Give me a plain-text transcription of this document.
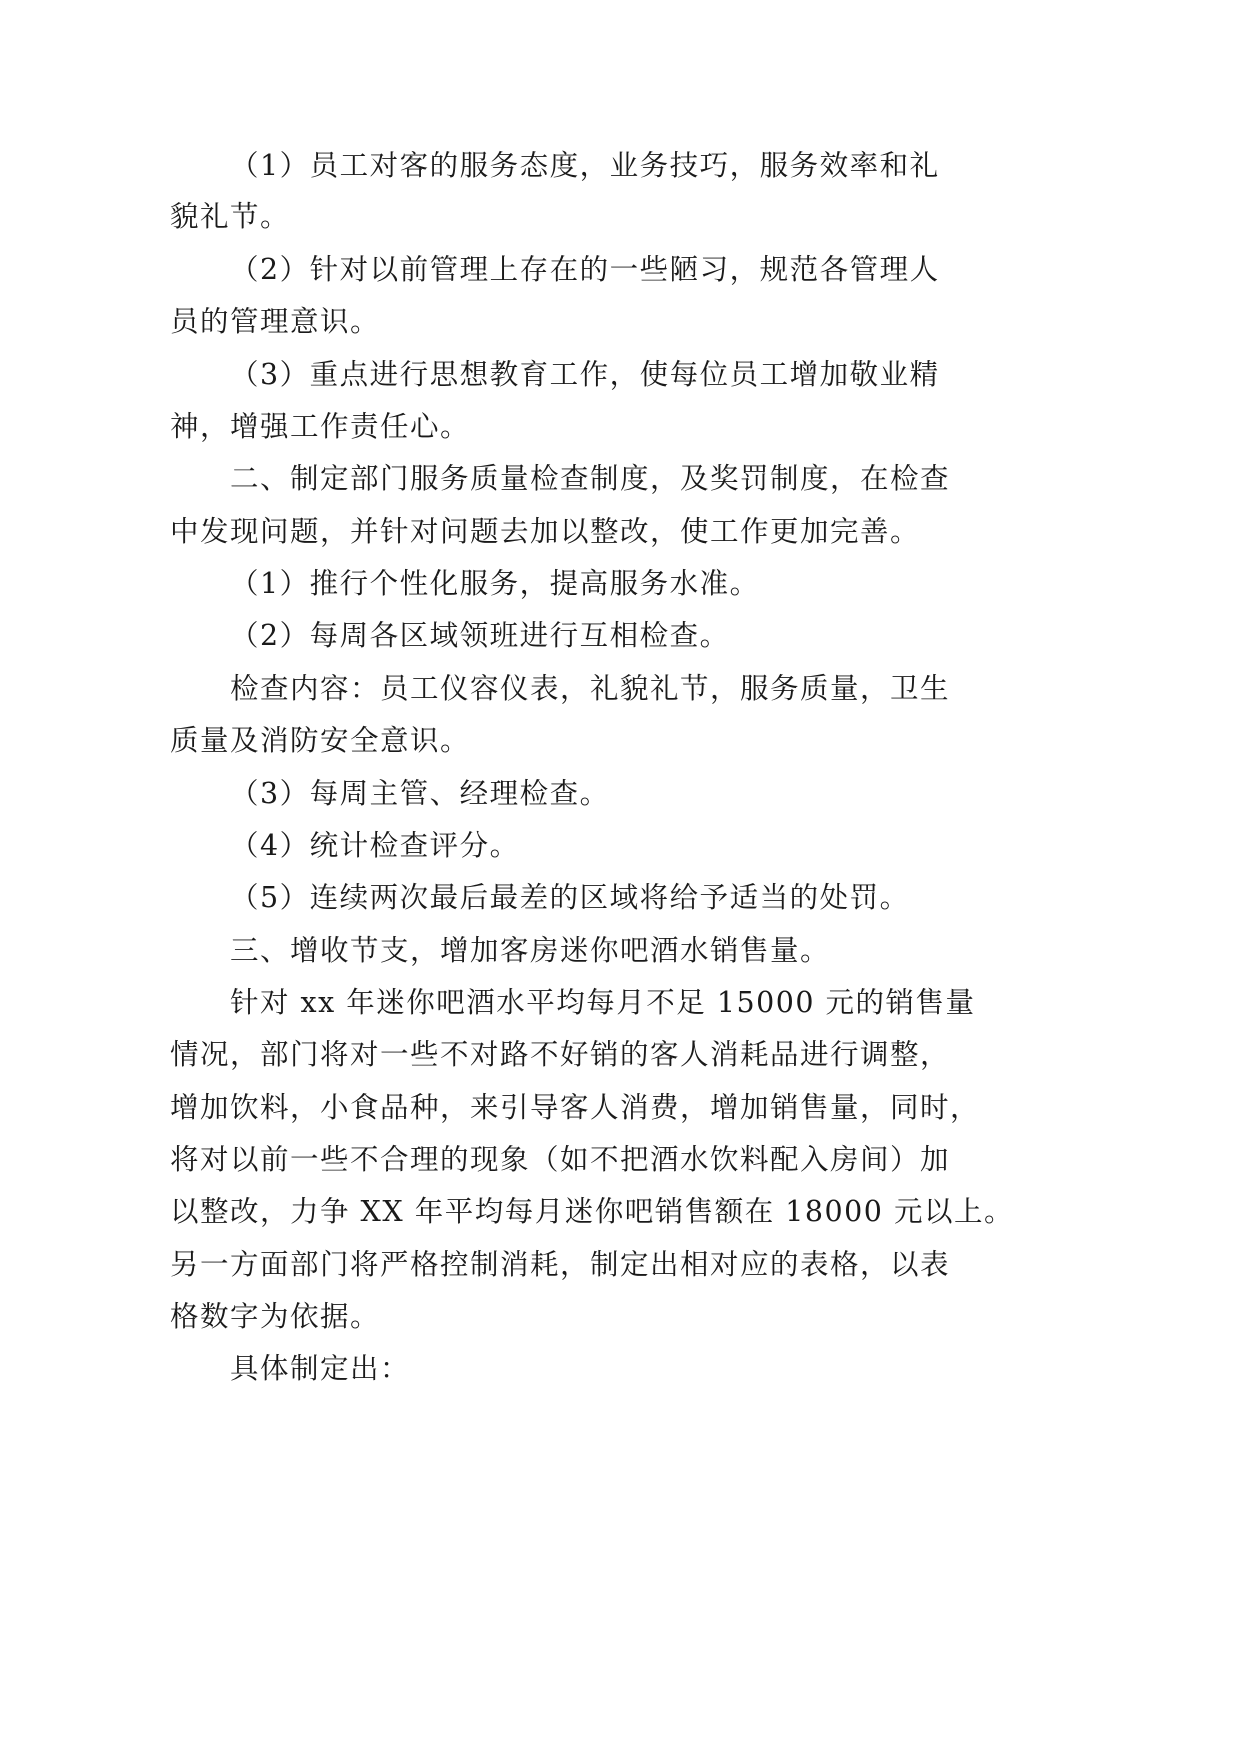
（1）员工对客的服务态度，业务技巧，服务效率和礼
貌礼节。
（2）针对以前管理上存在的一些陋习，规范各管理人
员的管理意识。
（3）重点进行思想教育工作，使每位员工增加敬业精
神，增强工作责任心。
二、制定部门服务质量检查制度，及奖罚制度，在检查
中发现问题，并针对问题去加以整改，使工作更加完善。
（1）推行个性化服务，提高服务水准。
（2）每周各区域领班进行互相检查。
检查内容：员工仪容仪表，礼貌礼节，服务质量，卫生
质量及消防安全意识。
（3）每周主管、经理检查。
（4）统计检查评分。
（5）连续两次最后最差的区域将给予适当的处罚。
三、增收节支，增加客房迷你吧酒水销售量。
针对 xx 年迷你吧酒水平均每月不足 15000 元的销售量
情况，部门将对一些不对路不好销的客人消耗品进行调整，
增加饮料，小食品种，来引导客人消费，增加销售量，同时，
将对以前一些不合理的现象（如不把酒水饮料配入房间）加
以整改，力争 XX 年平均每月迷你吧销售额在 18000 元以上。
另一方面部门将严格控制消耗，制定出相对应的表格，以表
格数字为依据。
具体制定出：
